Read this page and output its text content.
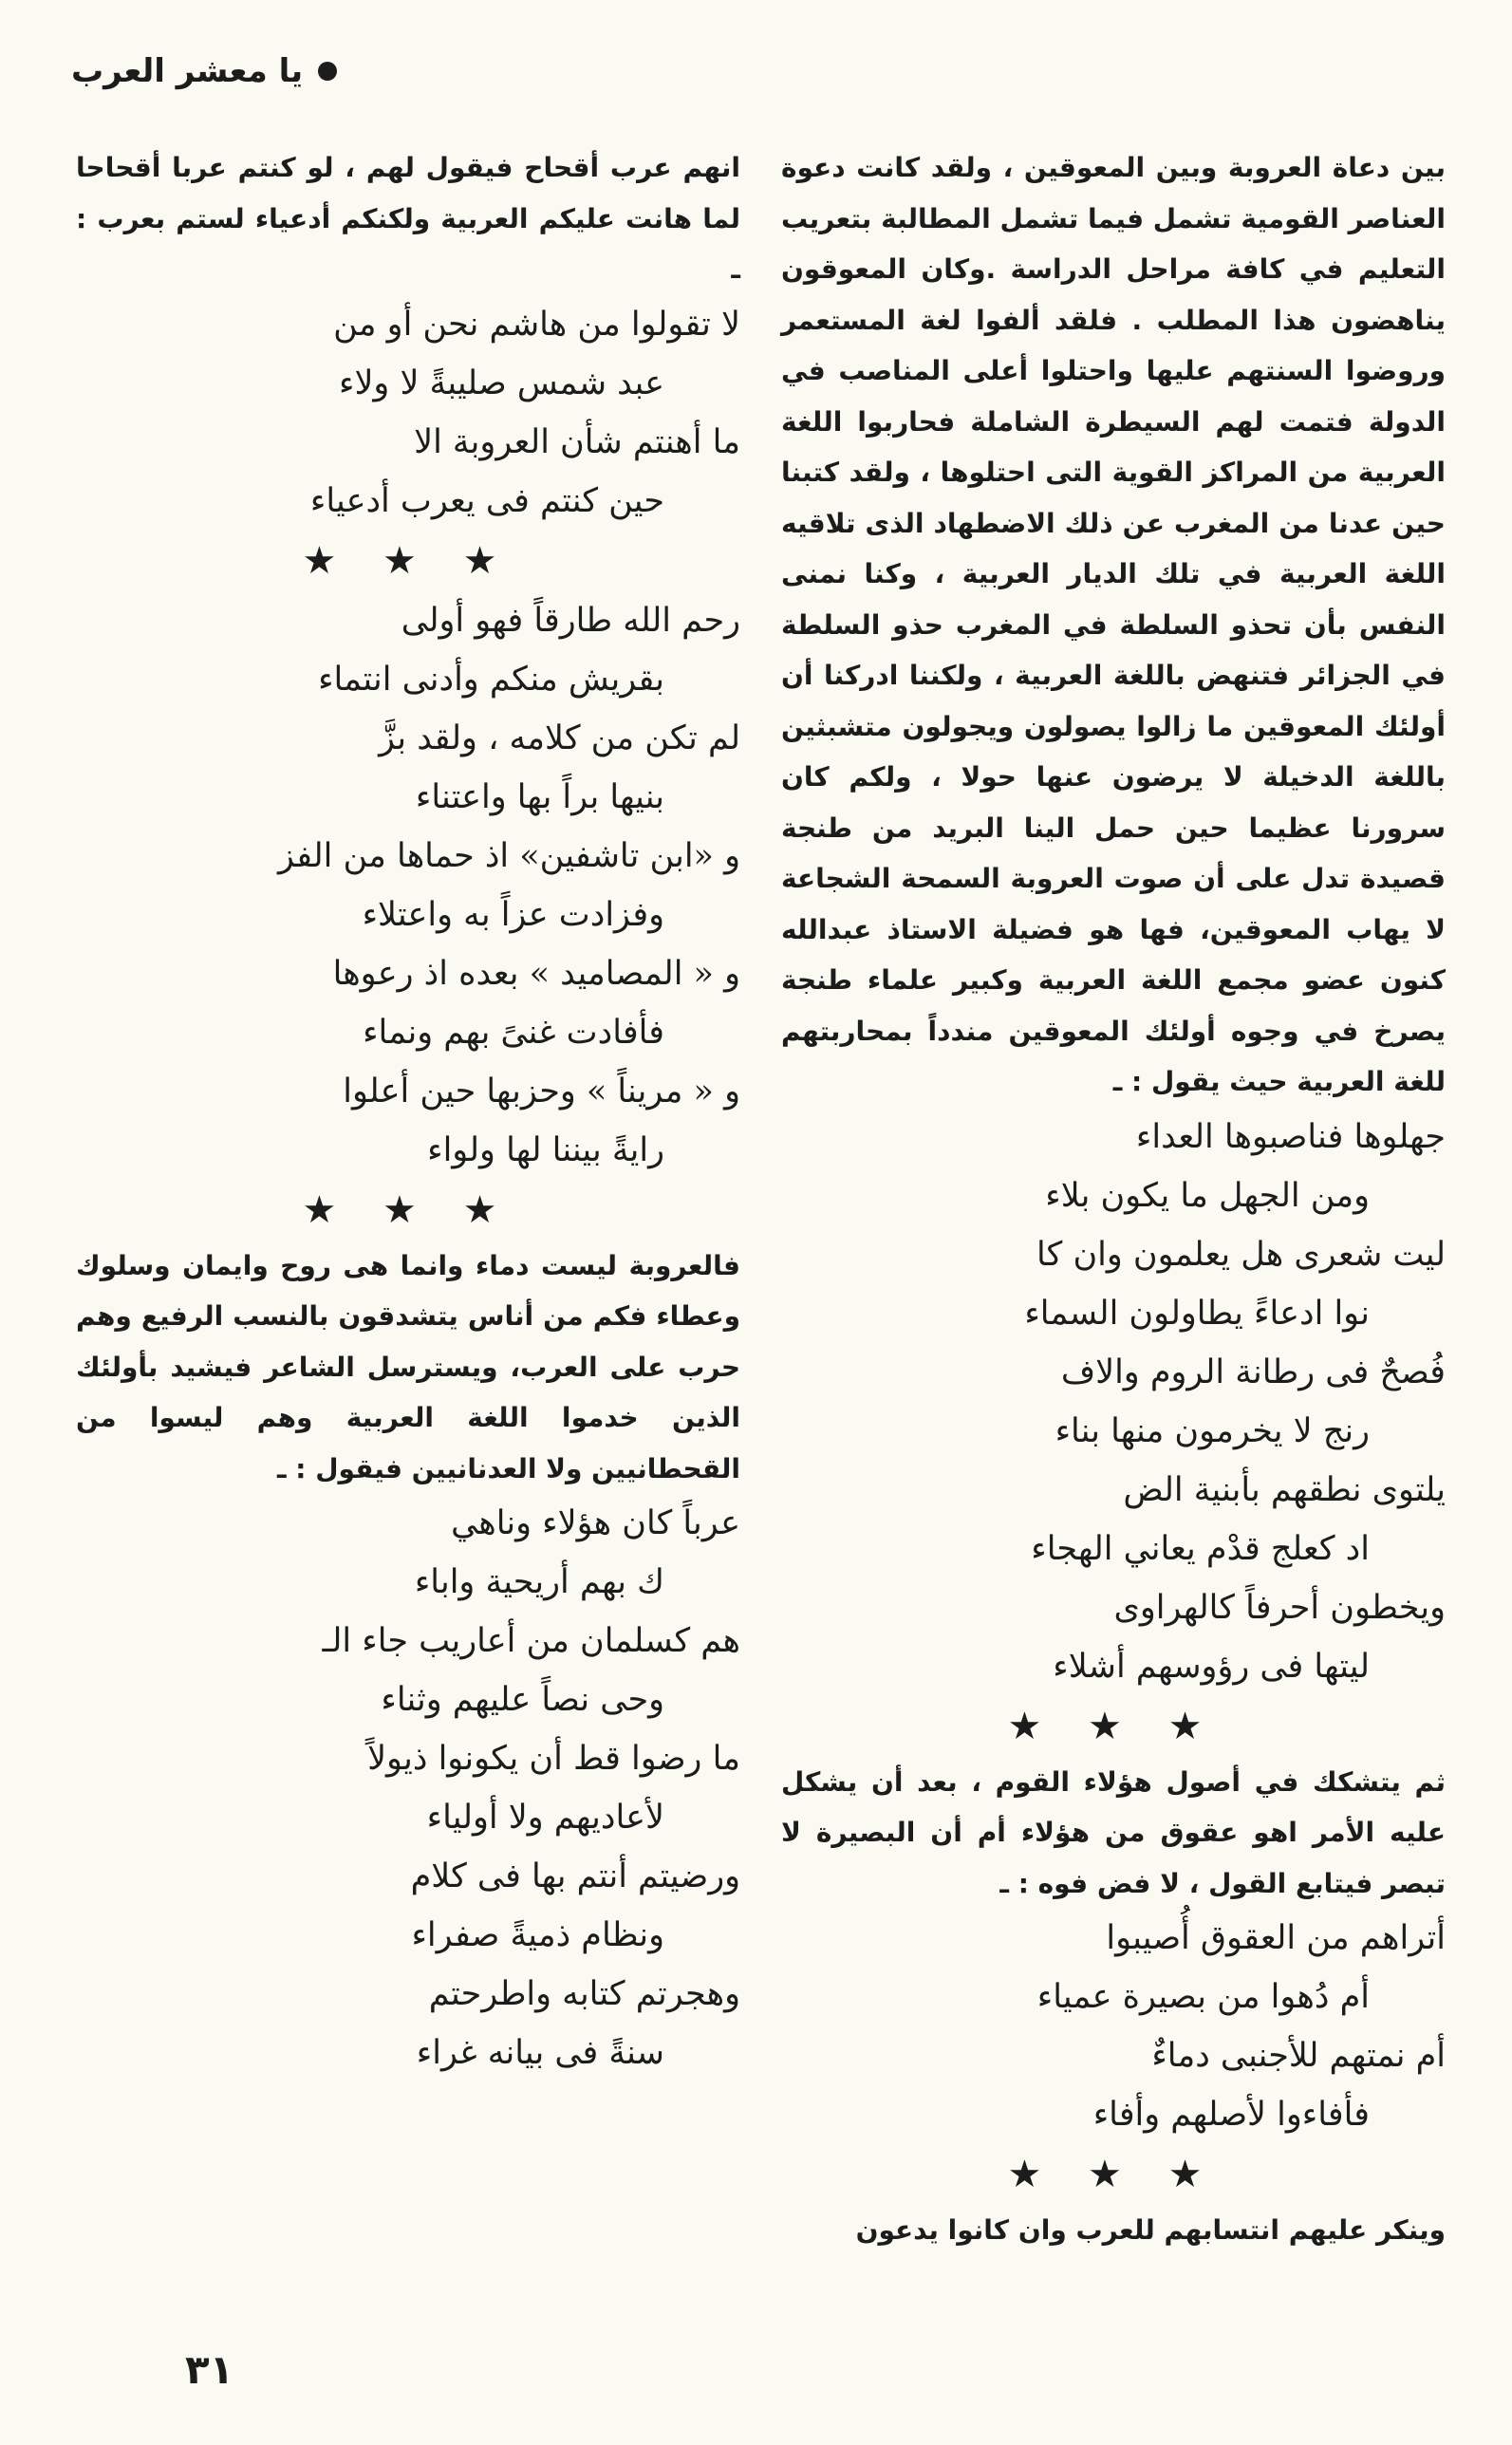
يا معشر العرب

بين دعاة العروبة وبين المعوقين ، ولقد كانت دعوة العناصر القومية تشمل فيما تشمل المطالبة بتعريب التعليم في كافة مراحل الدراسة .وكان المعوقون يناهضون هذا المطلب . فلقد ألفوا لغة المستعمر وروضوا السنتهم عليها واحتلوا أعلى المناصب في الدولة فتمت لهم السيطرة الشاملة فحاربوا اللغة العربية من المراكز القوية التى احتلوها ، ولقد كتبنا حين عدنا من المغرب عن ذلك الاضطهاد الذى تلاقيه اللغة العربية في تلك الديار العربية ، وكنا نمنى النفس بأن تحذو السلطة في المغرب حذو السلطة في الجزائر فتنهض باللغة العربية ، ولكننا ادركنا أن أولئك المعوقين ما زالوا يصولون ويجولون متشبثين باللغة الدخيلة لا يرضون عنها حولا ، ولكم كان سرورنا عظيما حين حمل الينا البريد من طنجة قصيدة تدل على أن صوت العروبة السمحة الشجاعة لا يهاب المعوقين، فها هو فضيلة الاستاذ عبدالله كنون عضو مجمع اللغة العربية وكبير علماء طنجة يصرخ في وجوه أولئك المعوقين مندداً بمحاربتهم للغة العربية حيث يقول : ـ

جهلوها فناصبوها العداء
ومن الجهل ما يكون بلاء
ليت شعرى هل يعلمون وان كا
نوا ادعاءً يطاولون السماء
فُصحٌ فى رطانة الروم والاف
رنج لا يخرمون منها بناء
يلتوى نطقهم بأبنية الض
اد كعلج قدْم يعاني الهجاء
ويخطون أحرفاً كالهراوى
ليتها فى رؤوسهم أشلاء
★ ★ ★

ثم يتشكك في أصول هؤلاء القوم ، بعد أن يشكل عليه الأمر اهو عقوق من هؤلاء أم أن البصيرة لا تبصر فيتابع القول ، لا فض فوه : ـ

أتراهم من العقوق أُصيبوا
أم دُهوا من بصيرة عمياء
أم نمتهم للأجنبى دماءٌ
فأفاءوا لأصلهم وأفاء
★ ★ ★

وينكر عليهم انتسابهم للعرب وان كانوا يدعون

انهم عرب أقحاح فيقول لهم ، لو كنتم عربا أقحاحا لما هانت عليكم العربية ولكنكم أدعياء لستم بعرب : ـ

لا تقولوا من هاشم نحن أو من
عبد شمس صليبةً لا ولاء
ما أهنتم شأن العروبة الا
حين كنتم فى يعرب أدعياء
★ ★ ★
رحم الله طارقاً فهو أولى
بقريش منكم وأدنى انتماء
لم تكن من كلامه ، ولقد بزَّ
بنيها براً بها واعتناء
و «ابن تاشفين» اذ حماها من الفز
وفزادت عزاً به واعتلاء
و « المصاميد » بعده اذ رعوها
فأفادت غنىً بهم ونماء
و « مريناً » وحزبها حين أعلوا
رايةً بيننا لها ولواء
★ ★ ★

فالعروبة ليست دماء وانما هى روح وايمان وسلوك وعطاء فكم من أناس يتشدقون بالنسب الرفيع وهم حرب على العرب، ويسترسل الشاعر فيشيد بأولئك الذين خدموا اللغة العربية وهم ليسوا من القحطانيين ولا العدنانيين فيقول : ـ

عرباً كان هؤلاء وناهي
ك بهم أريحية واباء
هم كسلمان من أعاريب جاء الـ
وحى نصاً عليهم وثناء
ما رضوا قط أن يكونوا ذيولاً
لأعاديهم ولا أولياء
ورضيتم أنتم بها فى كلام
ونظام ذميةً صفراء
وهجرتم كتابه واطرحتم
سنةً فى بيانه غراء
٣١
